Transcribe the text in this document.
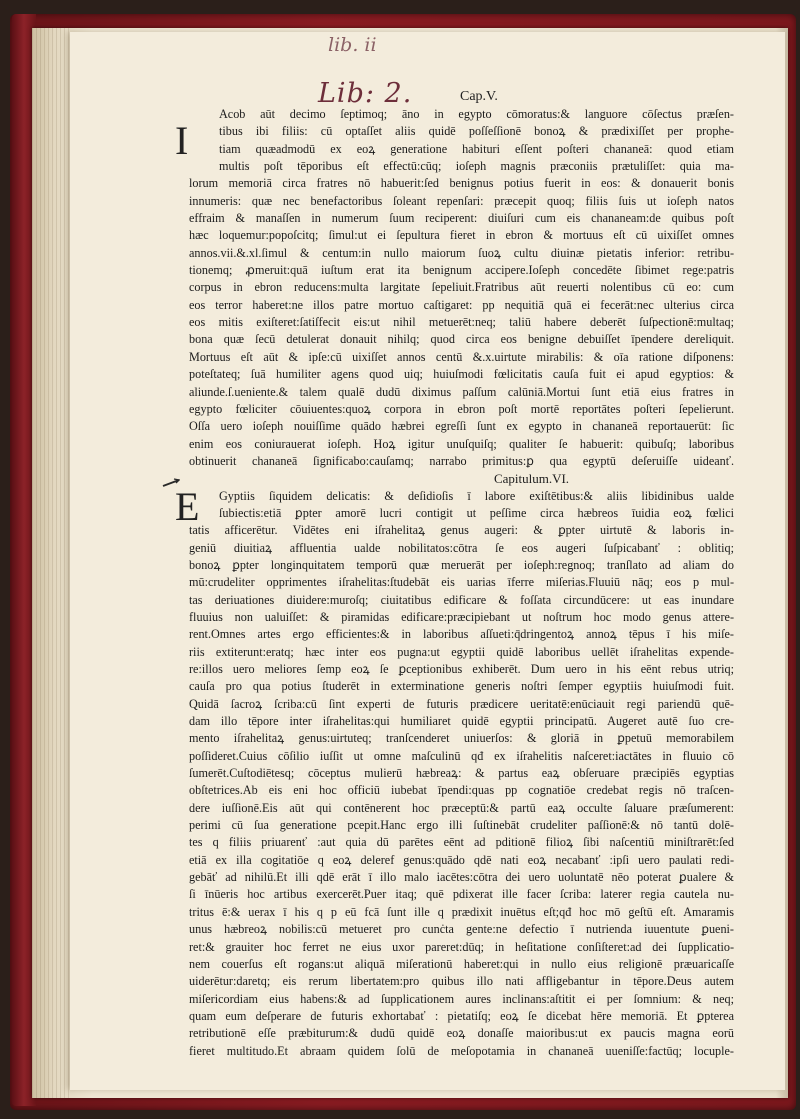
lib. ii
Lib: 2.	Cap.V.
I
Acob aūt decimo ſeptimoq; āno in egypto cōmoratus:& languore cōſectus præſen-
tibus ibi filiis: cū optaſſet aliis quidē poſſeſſionē bonoꝝ & prædixiſſet per prophe-
tiam quæadmodū ex eoꝝ generatione habituri eſſent poſteri chananeā: quod etiam
multis poſt tēporibus eſt effectū:cūq; ioſeph magnis præconiis prætuliſſet: quia ma-
lorum memoriā circa fratres nō habuerit:ſed benignus potius fuerit in eos: & donauerit bonis
innumeris: quæ nec benefactoribus ſoleant repenſari: præcepit quoq; filiis ſuis ut ioſeph natos
effraim & manaſſen in numerum ſuum reciperent: diuiſuri cum eis chananeam:de quibus poſt
hæc loquemur:popoſcitq; ſimul:ut ei ſepultura fieret in ebron & mortuus eſt cū uixiſſet omnes
annos.vii.&.xl.ſimul & centum:in nullo maiorum ſuoꝝ cultu diuinæ pietatis inferior: retribu-
tionemq; ꝓmeruit:quā iuſtum erat ita benignum accipere.Ioſeph concedēte ſibimet rege:patris
corpus in ebron reducens:multa largitate ſepeliuit.Fratribus aūt reuerti nolentibus cū eo: cum
eos terror haberet:ne illos patre mortuo caſtigaret: pp nequitiā quā ei fecerāt:nec ulterius circa
eos mitis exiſteret:ſatiſfecit eis:ut nihil metuerēt:neq; taliū habere deberēt ſuſpectionē:multaq;
bona quæ ſecū detulerat donauit nihilq; quod circa eos benigne debuiſſet īpendere dereliquit.
Mortuus eſt aūt & ipſe:cū uixiſſet annos centū &.x.uirtute mirabilis: & oīa ratione diſponens:
poteſtateq; ſuā humiliter agens quod uiq; huiuſmodi fœlicitatis cauſa fuit ei apud egyptios: &
aliunde.ſ.ueniente.& talem qualē dudū diximus paſſum calūniā.Mortui ſunt etiā eius fratres in
egypto fœliciter cōuiuentes:quoꝝ corpora in ebron poſt mortē reportātes poſteri ſepelierunt.
Oſſa uero ioſeph nouiſſime quādo hæbrei egreſſi ſunt ex egypto in chananeā reportauerūt: ſic
enim eos coniurauerat ioſeph. Hoꝝ igitur unuſquiſq; qualiter ſe habuerit: quibuſq; laboribus
obtinuerit chananeā ſignificabo:cauſamq; narrabo primitus:ꝑ qua egyptū deſeruiſſe uideanť.
Capitulum.VI.
E	Gyptiis ſiquidem delicatis: & deſidioſis ī labore exiſtētibus:& aliis libidinibus ualde
ſubiectis:etiā ꝑpter amorē lucri contigit ut peſſime circa hæbreos īuidia eoꝝ fœlici
tatis afficerētur. Vidētes eni iſrahelitaꝝ genus augeri: & ꝑpter uirtutē & laboris in-
geniū diuitiaꝝ affluentia ualde nobilitatos:cōtra ſe eos augeri ſuſpicabanť : oblitiq;
bonoꝝ ꝑpter longinquitatem temporū quæ meruerāt per ioſeph:regnoq; tranſlato ad aliam do
mū:crudeliter opprimentes iſrahelitas:ſtudebāt eis uarias īferre miſerias.Fluuiū nāq; eos p mul-
tas deriuationes diuidere:muroſq; ciuitatibus edificare & foſſata circundūcere: ut eas inundare
fluuius non ualuiſſet: & piramidas edificare:præcipiebant ut noſtrum hoc modo genus attere-
rent.Omnes artes ergo efficientes:& in laboribus aſſueti:q̄dringentoꝝ annoꝝ tēpus ī his miſe-
riis extiterunt:eratq; hæc inter eos pugna:ut egyptii quidē laboribus uellēt iſrahelitas expende-
re:illos uero meliores ſemp eoꝝ ſe ꝑceptionibus exhiberēt. Dum uero in his eēnt rebus utriq;
cauſa pro qua potius ſtuderēt in exterminatione generis noſtri ſemper egyptiis huiuſmodi fuit.
Quidā ſacroꝝ ſcriba:cū ſint experti de futuris prædicere ueritatē:enūciauit regi pariendū quē-
dam illo tēpore inter iſrahelitas:qui humiliaret quidē egyptii principatū. Augeret autē ſuo cre-
mento iſrahelitaꝝ genus:uirtuteq; tranſcenderet uniuerſos: & gloriā in ꝑpetuū memorabilem
poſſideret.Cuius cōſilio iuſſit ut omne maſculinū qđ ex iſrahelitis naſceret:iactātes in fluuio cō
ſumerēt.Cuſtodiētesq; cōceptus mulierū hæbreaꝝ: & partus eaꝝ obſeruare præcipiēs egyptias
obſtetrices.Ab eis eni hoc officiū iubebat īpendi:quas pp cognatiōe credebat regis nō traſcen-
dere iuſſionē.Eis aūt qui contēnerent hoc præceptū:& partū eaꝝ occulte ſaluare præſumerent:
perimi cū ſua generatione pcepit.Hanc ergo illi ſuſtinebāt crudeliter paſſionē:& nō tantū dolē-
tes q filiis priuarenť :aut quia dū parētes eēnt ad pditionē filioꝝ ſibi naſcentiū miniſtrarēt:ſed
etiā ex illa cogitatiōe q eoꝝ deleref genus:quādo qdē nati eoꝝ necabanť :ipſi uero paulati redi-
gebāť ad nihilū.Et illi qdē erāt ī illo malo iacētes:cōtra dei uero uoluntatē nēo poterat ꝑualere &
ſi īnūeris hoc artibus exercerēt.Puer itaq; quē pdixerat ille facer ſcriba: laterer regia cautela nu-
tritus ē:& uerax ī his q p eū fcā ſunt ille q prædixit inuētus eſt;qđ hoc mō geſtū eſt. Amaramis
unus hæbreoꝝ nobilis:cū metueret pro cunċta gente:ne defectio ī nutrienda iuuentute ꝑueni-
ret:& grauiter hoc ferret ne eius uxor pareret:dūq; in heſitatione conſiſteret:ad dei ſupplicatio-
nem couerſus eſt rogans:ut aliquā miſerationū haberet:qui in nullo eius religionē præuaricaſſe
uiderētur:daretq; eis rerum libertatem:pro quibus illo nati affligebantur in tēpore.Deus autem
miſericordiam eius habens:& ad ſupplicationem aures inclinans:aſtitit ei per ſomnium: & neq;
quam eum deſperare de futuris exhortabať : pietatiſq; eoꝝ ſe dicebat hēre memoriā. Et ꝑpterea
retributionē eſſe præbiturum:& dudū quidē eoꝝ donaſſe maioribus:ut ex paucis magna eorū
fieret multitudo.Et abraam quidem ſolū de meſopotamia in chananeā uueniſſe:factūq; locuple-
